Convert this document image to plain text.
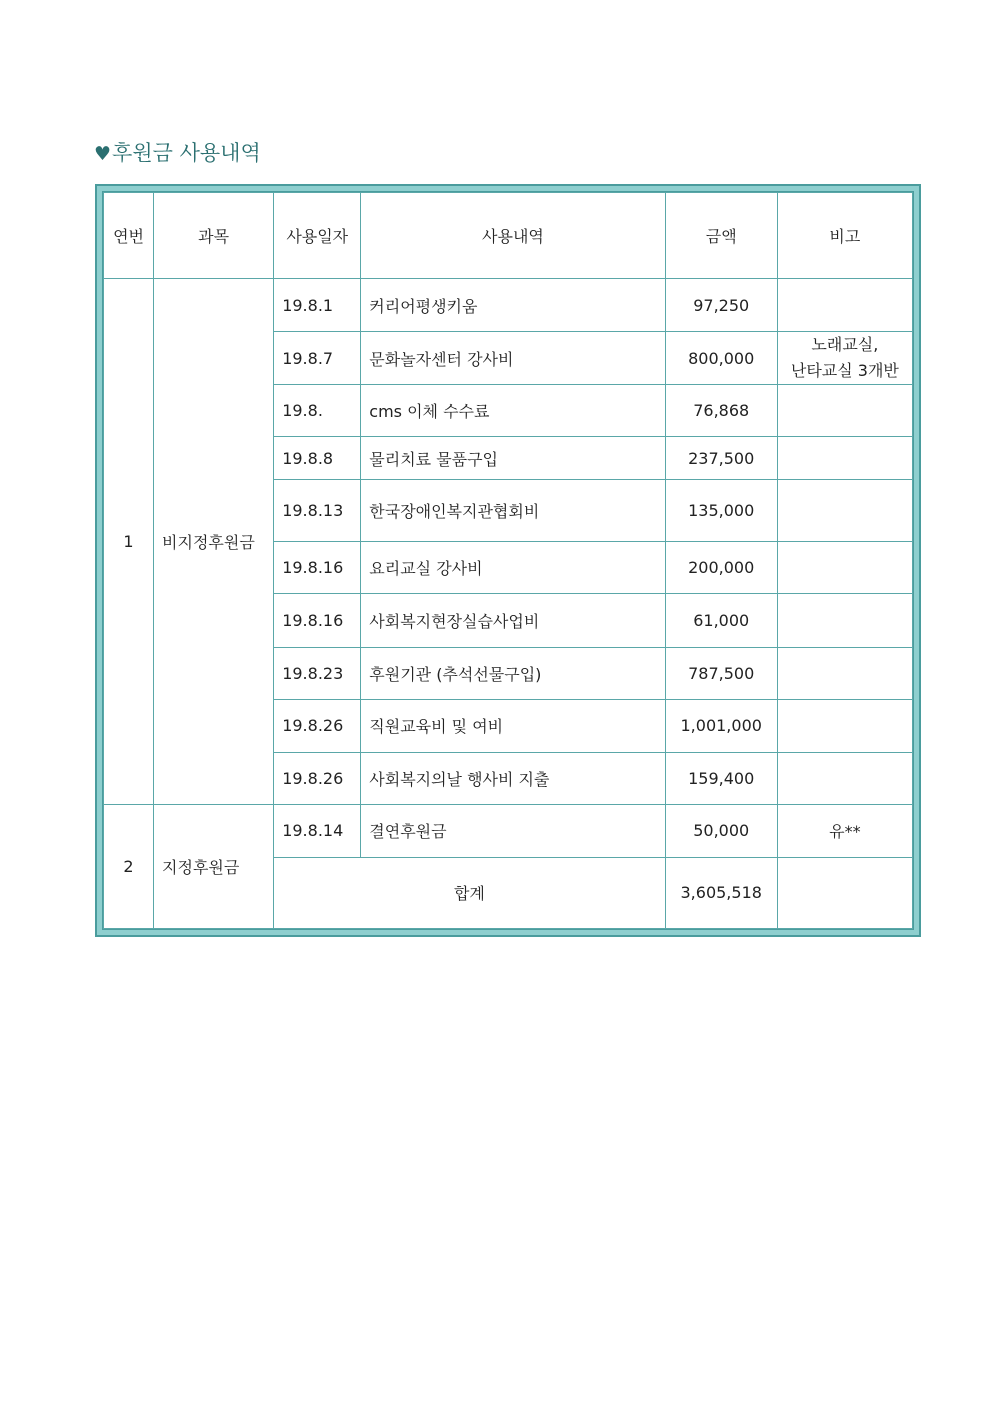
♥후원금 사용내역
연번	과목	사용일자	사용내역	금액	비고
1	비지정후원금	19.8.1	커리어평생키움	97,250	
		19.8.7	문화놀자센터 강사비	800,000	노래교실,
난타교실 3개반

		19.8.	cms 이체 수수료	76,868	
		19.8.8	물리치료 물품구입	237,500	
		19.8.13	한국장애인복지관협회비	135,000	
		19.8.16	요리교실 강사비	200,000	
		19.8.16	사회복지현장실습사업비	61,000	
		19.8.23	후원기관 (추석선물구입)	787,500	
		19.8.26	직원교육비 및 여비	1,001,000	
		19.8.26	사회복지의날 행사비 지출	159,400	
2	지정후원금	19.8.14	결연후원금	50,000	유**
		합계		3,605,518	
